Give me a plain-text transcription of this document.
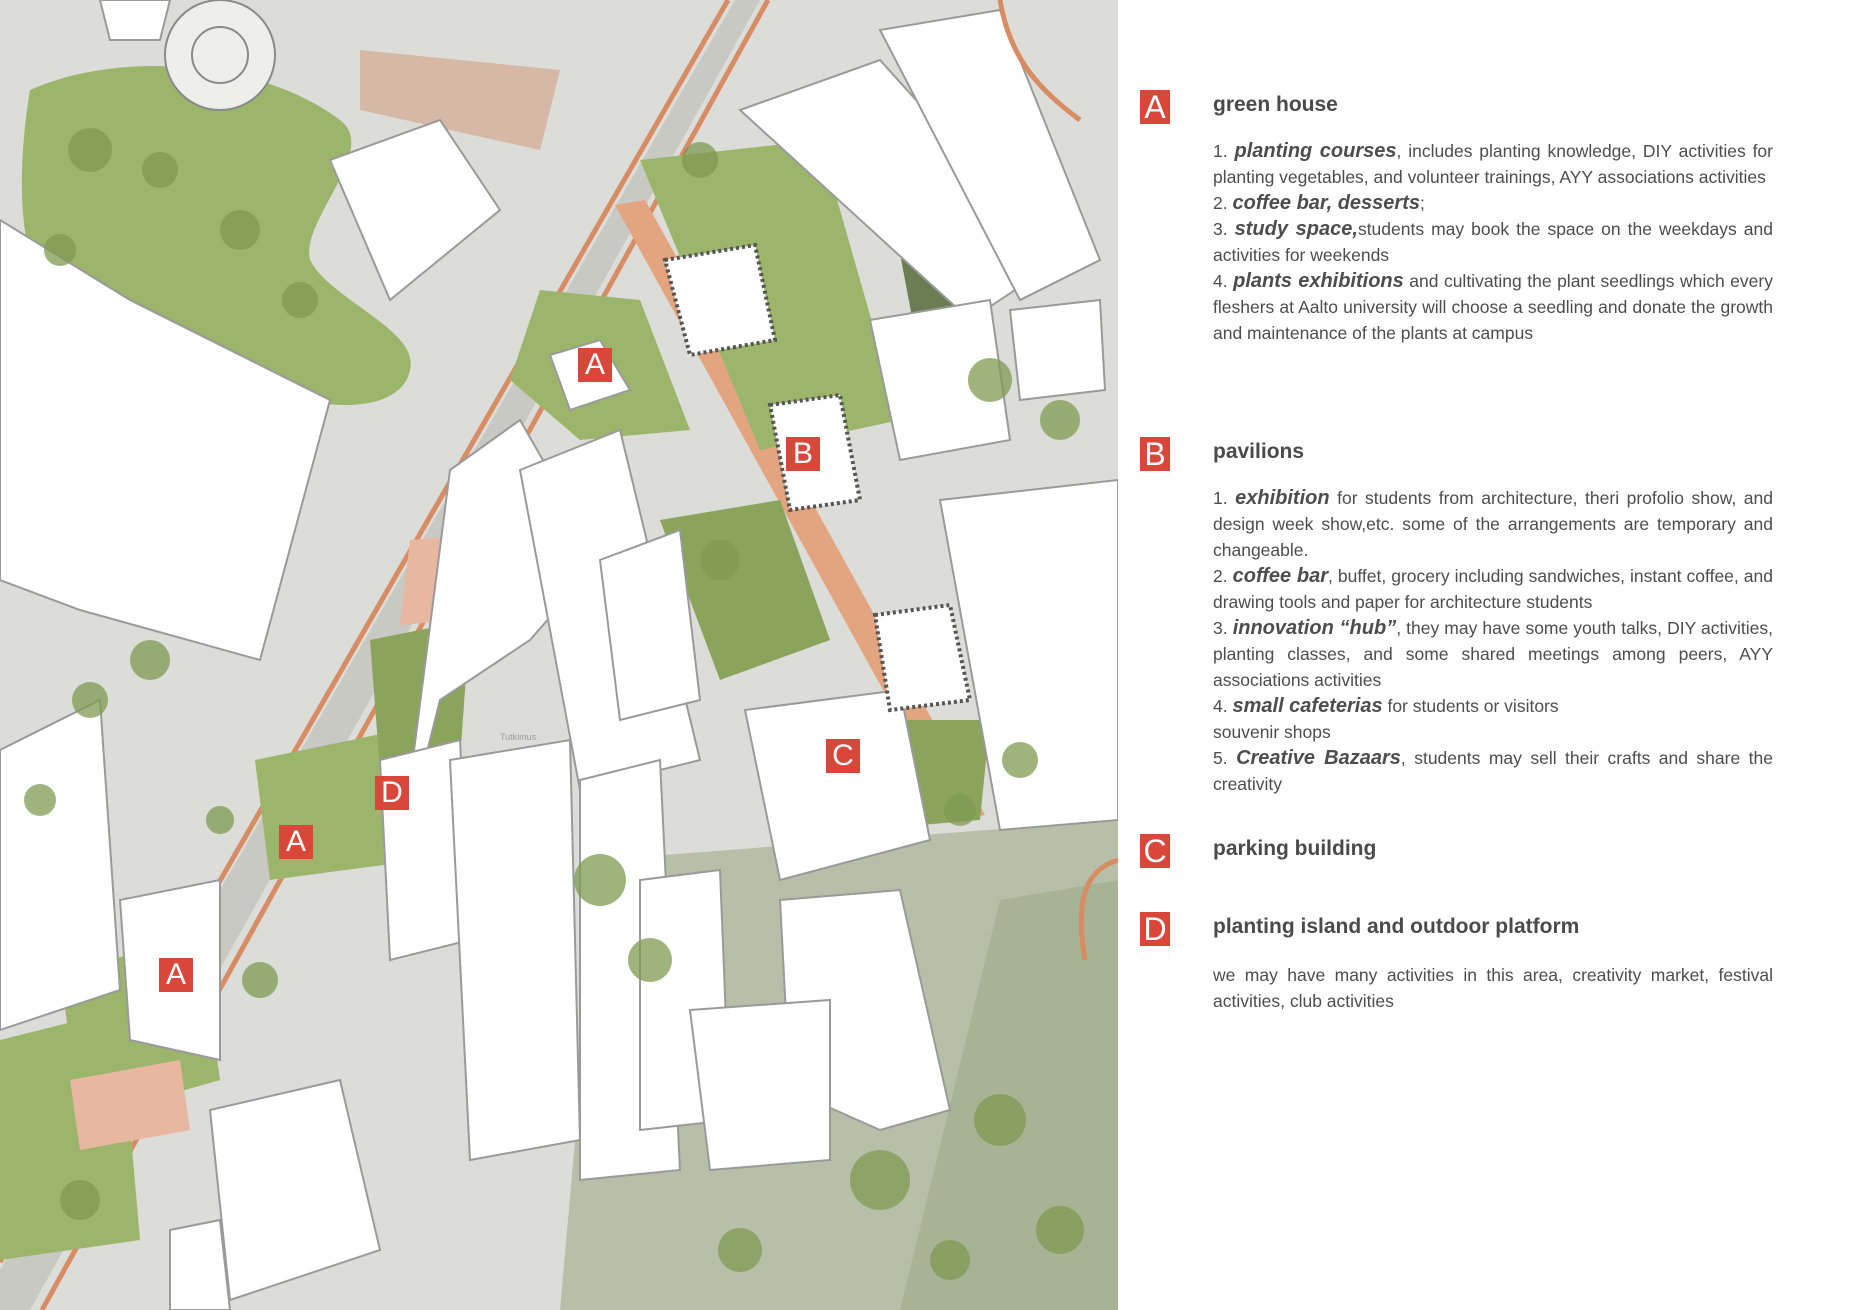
Tutkimus
A
A
A
B
C
D
A green house

1. planting courses, includes planting knowledge, DIY activities for planting vegetables, and volunteer trainings, AYY associations activities

2. coffee bar, desserts;

3. study space,students may book the space on the weekdays and activities for weekends

4. plants exhibitions and cultivating the plant seedlings which every fleshers at Aalto university will choose a seedling and donate the growth and maintenance of the plants at campus

B pavilions

1. exhibition for students from architecture, theri profolio show, and design week show,etc. some of the arrangements are temporary and changeable.

2. coffee bar, buffet, grocery including sandwiches, instant coffee, and drawing tools and paper for architecture students

3. innovation “hub”, they may have some youth talks, DIY activities, planting classes, and some shared meetings among peers, AYY associations activities

4. small cafeterias for students or visitors

souvenir shops

5. Creative Bazaars, students may sell their crafts and share the creativity

C parking building
D planting island and outdoor platform

we may have many activities in this area, creativity market, festival activities, club activities
